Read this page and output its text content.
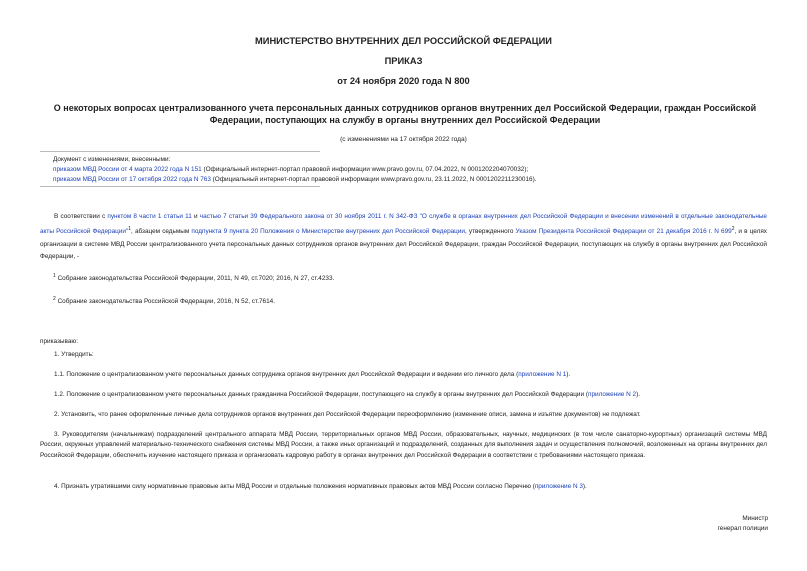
МИНИСТЕРСТВО ВНУТРЕННИХ ДЕЛ РОССИЙСКОЙ ФЕДЕРАЦИИ
ПРИКАЗ
от 24 ноября 2020 года N 800
О некоторых вопросах централизованного учета персональных данных сотрудников органов внутренних дел Российской Федерации, граждан Российской Федерации, поступающих на службу в органы внутренних дел Российской Федерации
(с изменениями на 17 октября 2022 года)
Документ с изменениями, внесенными:
приказом МВД России от 4 марта 2022 года N 151 (Официальный интернет-портал правовой информации www.pravo.gov.ru, 07.04.2022, N 0001202204070032);
приказом МВД России от 17 октября 2022 года N 763 (Официальный интернет-портал правовой информации www.pravo.gov.ru, 23.11.2022, N 0001202211230016).
В соответствии с пунктом 8 части 1 статьи 11 и частью 7 статьи 39 Федерального закона от 30 ноября 2011 г. N 342-ФЗ "О службе в органах внутренних дел Российской Федерации и внесении изменений в отдельные законодательные акты Российской Федерации"$^1$, абзацем седьмым подпункта 9 пункта 20 Положения о Министерстве внутренних дел Российской Федерации, утвержденного Указом Президента Российской Федерации от 21 декабря 2016 г. N $699^2$, и в целях организации в системе МВД России централизованного учета персональных данных сотрудников органов внутренних дел Российской Федерации, граждан Российской Федерации, поступающих на службу в органы внутренних дел Российской Федерации, -
$^1$ Собрание законодательства Российской Федерации, 2011, N 49, ст.7020; 2016, N 27, ст.4233.
$^2$ Собрание законодательства Российской Федерации, 2016, N 52, ст.7614.
приказываю:
1. Утвердить:
1.1. Положение о централизованном учете персональных данных сотрудника органов внутренних дел Российской Федерации и ведении его личного дела (приложение N 1).
1.2. Положение о централизованном учете персональных данных гражданина Российской Федерации, поступающего на службу в органы внутренних дел Российской Федерации (приложение N 2).
2. Установить, что ранее оформленные личные дела сотрудников органов внутренних дел Российской Федерации переоформлению (изменение описи, замена и изъятие документов) не подлежат.
3. Руководителям (начальникам) подразделений центрального аппарата МВД России, территориальных органов МВД России, образовательных, научных, медицинских (в том числе санаторно-курортных) организаций системы МВД России, окружных управлений материально-технического снабжения системы МВД России, а также иных организаций и подразделений, созданных для выполнения задач и осуществления полномочий, возложенных на органы внутренних дел Российской Федерации, обеспечить изучение настоящего приказа и организовать кадровую работу в органах внутренних дел Российской Федерации в соответствии с требованиями настоящего приказа.
4. Признать утратившими силу нормативные правовые акты МВД России и отдельные положения нормативных правовых актов МВД России согласно Перечню (приложение N 3).
Министр
генерал полиции
